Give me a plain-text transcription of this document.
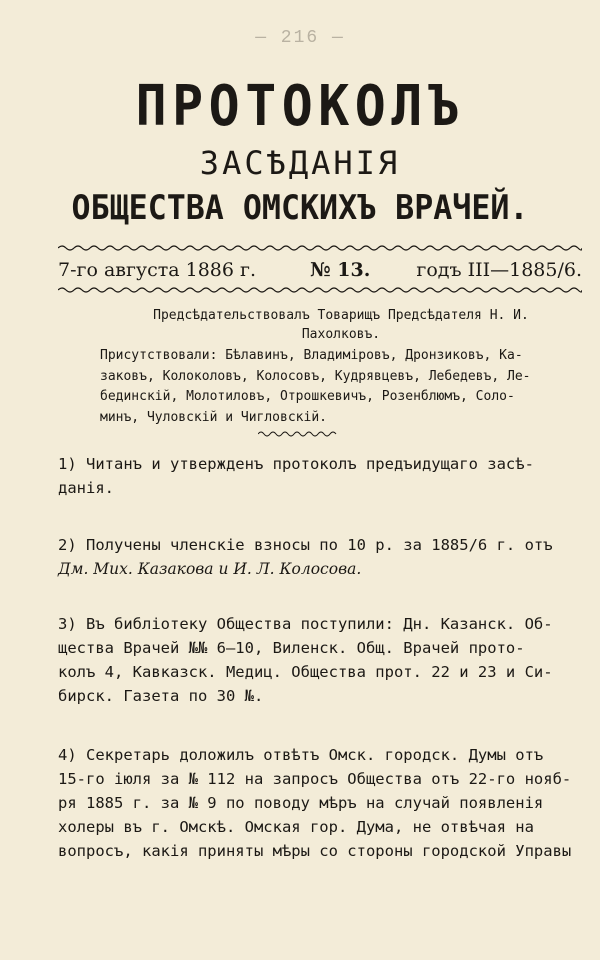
— 216 —
ПРОТОКОЛЪ
ЗАСѢДАНІЯ
ОБЩЕСТВА ОМСКИХЪ ВРАЧЕЙ.
7-го августа 1886 г.	№ 13. годъ III—1885/6.

Предсѣдательствовалъ Товарищъ Предсѣдателя Н. И.

Пахолковъ.

Присутствовали: Бѣлавинъ, Владиміровъ, Дронзиковъ, Ка-
заковъ, Колоколовъ, Колосовъ, Кудрявцевъ, Лебедевъ, Ле-
бединскій, Молотиловъ, Отрошкевичъ, Розенблюмъ, Соло-
минъ, Чуловскій и Чигловскій.
1) Читанъ и утвержденъ протоколъ предъидущаго засѣ-
данія.
2) Получены членскіе взносы по 10 р. за 1885/6 г. отъ
Дм. Мих. Казакова и И. Л. Колосова.
3) Въ библіотеку Общества поступили: Дн. Казанск. Об-
щества Врачей №№ 6—10, Виленск. Общ. Врачей прото-
колъ 4, Кавказск. Медиц. Общества прот. 22 и 23 и Си-
бирск. Газета по 30 №.
4) Секретарь доложилъ отвѣтъ Омск. городск. Думы отъ
15-го іюля за № 112 на запросъ Общества отъ 22-го нояб-
ря 1885 г. за № 9 по поводу мѣръ на случай появленія
холеры въ г. Омскѣ. Омская гор. Дума, не отвѣчая на
вопросъ, какія приняты мѣры со стороны городской Управы
